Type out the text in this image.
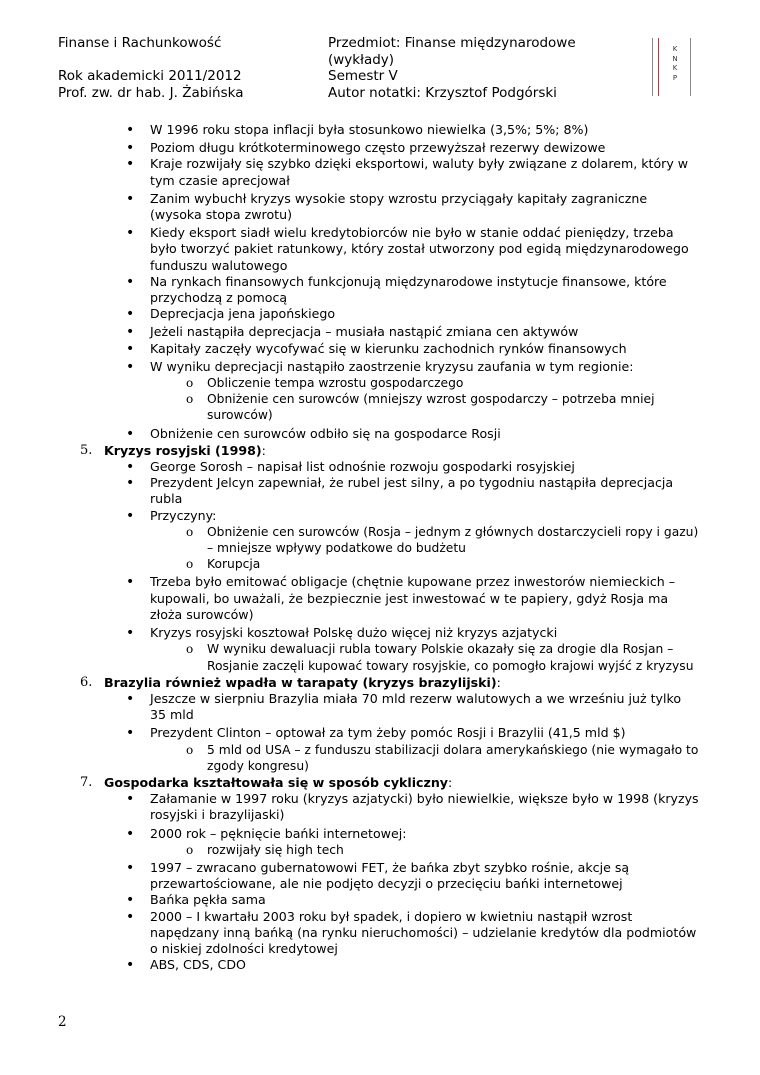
Finanse i Rachunkowość

Rok akademicki 2011/2012
Prof. zw. dr hab. J. Żabińska
Przedmiot: Finanse międzynarodowe
(wykłady)
Semestr V
Autor notatki: Krzysztof Podgórski
K
N
K
P
• W 1996 roku stopa inflacji była stosunkowo niewielka (3,5%; 5%; 8%)
• Poziom długu krótkoterminowego często przewyższał rezerwy dewizowe
• Kraje rozwijały się szybko dzięki eksportowi, waluty były związane z dolarem, który w tym czasie aprecjował
• Zanim wybuchł kryzys wysokie stopy wzrostu przyciągały kapitały zagraniczne (wysoka stopa zwrotu)
• Kiedy eksport siadł wielu kredytobiorców nie było w stanie oddać pieniędzy, trzeba było tworzyć pakiet ratunkowy, który został utworzony pod egidą międzynarodowego funduszu walutowego
• Na rynkach finansowych funkcjonują międzynarodowe instytucje finansowe, które przychodzą z pomocą
• Deprecjacja jena japońskiego
• Jeżeli nastąpiła deprecjacja – musiała nastąpić zmiana cen aktywów
• Kapitały zaczęły wycofywać się w kierunku zachodnich rynków finansowych
• W wyniku deprecjacji nastąpiło zaostrzenie kryzysu zaufania w tym regionie:
o Obliczenie tempa wzrostu gospodarczego
o Obniżenie cen surowców (mniejszy wzrost gospodarczy – potrzeba mniej surowców)
• Obniżenie cen surowców odbiło się na gospodarce Rosji
5. Kryzys rosyjski (1998):
• George Sorosh – napisał list odnośnie rozwoju gospodarki rosyjskiej
• Prezydent Jelcyn zapewniał, że rubel jest silny, a po tygodniu nastąpiła deprecjacja rubla
• Przyczyny:
o Obniżenie cen surowców (Rosja – jednym z głównych dostarczycieli ropy i gazu) – mniejsze wpływy podatkowe do budżetu
o Korupcja
• Trzeba było emitować obligacje (chętnie kupowane przez inwestorów niemieckich – kupowali, bo uważali, że bezpiecznie jest inwestować w te papiery, gdyż Rosja ma złoża surowców)
• Kryzys rosyjski kosztował Polskę dużo więcej niż kryzys azjatycki
o W wyniku dewaluacji rubla towary Polskie okazały się za drogie dla Rosjan – Rosjanie zaczęli kupować towary rosyjskie, co pomogło krajowi wyjść z kryzysu
6. Brazylia również wpadła w tarapaty (kryzys brazylijski):
• Jeszcze w sierpniu Brazylia miała 70 mld rezerw walutowych a we wrześniu już tylko 35 mld
• Prezydent Clinton – optował za tym żeby pomóc Rosji i Brazylii (41,5 mld $)
o 5 mld od USA – z funduszu stabilizacji dolara amerykańskiego (nie wymagało to zgody kongresu)
7. Gospodarka kształtowała się w sposób cykliczny:
• Załamanie w 1997 roku (kryzys azjatycki) było niewielkie, większe było w 1998 (kryzys rosyjski i brazylijaski)
• 2000 rok – pęknięcie bańki internetowej:
o rozwijały się high tech
• 1997 – zwracano gubernatowowi FET, że bańka zbyt szybko rośnie, akcje są przewartościowane, ale nie podjęto decyzji o przecięciu bańki internetowej
• Bańka pękła sama
• 2000 – I kwartału 2003 roku był spadek, i dopiero w kwietniu nastąpił wzrost napędzany inną bańką (na rynku nieruchomości) – udzielanie kredytów dla podmiotów o niskiej zdolności kredytowej
• ABS, CDS, CDO
2
